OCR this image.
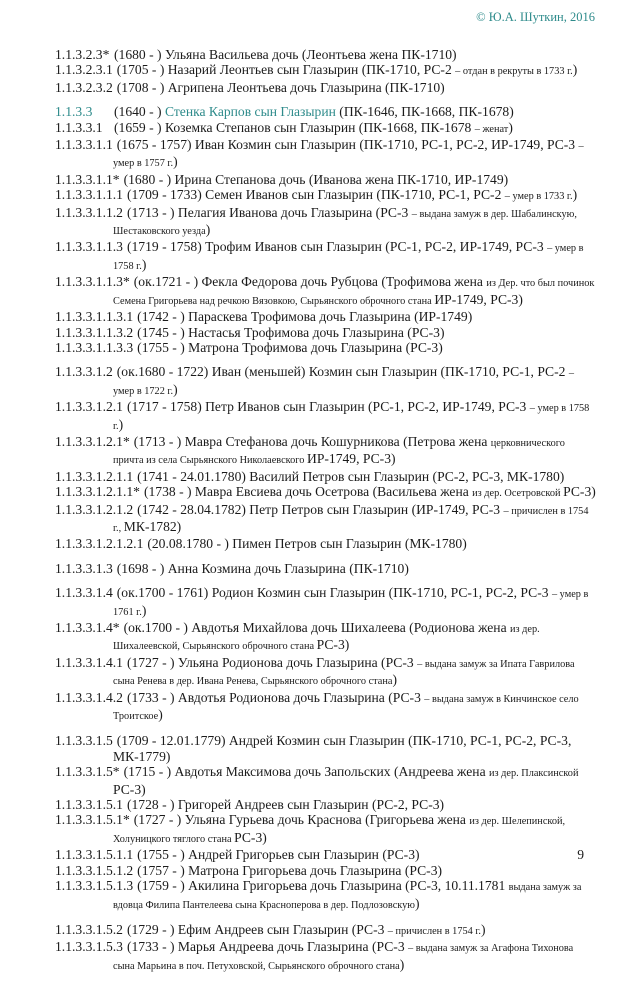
© Ю.А. Шуткин, 2016
1.1.3.2.3* (1680 - ) Ульяна Васильева дочь (Леонтьева жена ПК-1710)
1.1.3.2.3.1 (1705 - ) Назарий Леонтьев сын Глазырин (ПК-1710, РС-2 – отдан в рекруты в 1733 г.)
1.1.3.2.3.2 (1708 - ) Агрипена Леонтьева дочь Глазырина (ПК-1710)
1.1.3.3 (1640 - ) Стенка Карпов сын Глазырин (ПК-1646, ПК-1668, ПК-1678)
1.1.3.3.1 (1659 - ) Коземка Степанов сын Глазырин (ПК-1668, ПК-1678 – женат)
1.1.3.3.1.1 (1675 - 1757) Иван Козмин сын Глазырин (ПК-1710, РС-1, РС-2, ИР-1749, РС-3 – умер в 1757 г.)
1.1.3.3.1.1* (1680 - ) Ирина Степанова дочь (Иванова жена ПК-1710, ИР-1749)
1.1.3.3.1.1.1 (1709 - 1733) Семен Иванов сын Глазырин (ПК-1710, РС-1, РС-2 – умер в 1733 г.)
1.1.3.3.1.1.2 (1713 - ) Пелагия Иванова дочь Глазырина (РС-3 – выдана замуж в дер. Шабалинскую, Шестаковского уезда)
1.1.3.3.1.1.3 (1719 - 1758) Трофим Иванов сын Глазырин (РС-1, РС-2, ИР-1749, РС-3 – умер в 1758 г.)
1.1.3.3.1.1.3* (ок.1721 - ) Фекла Федорова дочь Рубцова (Трофимова жена из Дер. что был починок Семена Григорьева над речкою Вязовкою, Сырьянского оброчного стана ИР-1749, РС-3)
1.1.3.3.1.1.3.1 (1742 - ) Параскева Трофимова дочь Глазырина (ИР-1749)
1.1.3.3.1.1.3.2 (1745 - ) Настасья Трофимова дочь Глазырина (РС-3)
1.1.3.3.1.1.3.3 (1755 - ) Матрона Трофимова дочь Глазырина (РС-3)
1.1.3.3.1.2 (ок.1680 - 1722) Иван (меньшей) Козмин сын Глазырин (ПК-1710, РС-1, РС-2 – умер в 1722 г.)
1.1.3.3.1.2.1 (1717 - 1758) Петр Иванов сын Глазырин (РС-1, РС-2, ИР-1749, РС-3 – умер в 1758 г.)
1.1.3.3.1.2.1* (1713 - ) Мавра Стефанова дочь Кошурникова (Петрова жена церковнического причта из села Сырьянского Николаевского ИР-1749, РС-3)
1.1.3.3.1.2.1.1 (1741 - 24.01.1780) Василий Петров сын Глазырин (РС-2, РС-3, МК-1780)
1.1.3.3.1.2.1.1* (1738 - ) Мавра Евсиева дочь Осетрова (Васильева жена из дер. Осетровской РС-3)
1.1.3.3.1.2.1.2 (1742 - 28.04.1782) Петр Петров сын Глазырин (ИР-1749, РС-3 – причислен в 1754 г., МК-1782)
1.1.3.3.1.2.1.2.1 (20.08.1780 - ) Пимен Петров сын Глазырин (МК-1780)
1.1.3.3.1.3 (1698 - ) Анна Козмина дочь Глазырина (ПК-1710)
1.1.3.3.1.4 (ок.1700 - 1761) Родион Козмин сын Глазырин (ПК-1710, РС-1, РС-2, РС-3 – умер в 1761 г.)
1.1.3.3.1.4* (ок.1700 - ) Авдотья Михайлова дочь Шихалеева (Родионова жена из дер. Шихалеевской, Сырьянского оброчного стана РС-3)
1.1.3.3.1.4.1 (1727 - ) Ульяна Родионова дочь Глазырина (РС-3 – выдана замуж за Ипата Гаврилова сына Ренева в дер. Ивана Ренева, Сырьянского оброчного стана)
1.1.3.3.1.4.2 (1733 - ) Авдотья Родионова дочь Глазырина (РС-3 – выдана замуж в Кинчинское село Троитское)
1.1.3.3.1.5 (1709 - 12.01.1779) Андрей Козмин сын Глазырин (ПК-1710, РС-1, РС-2, РС-3, МК-1779)
1.1.3.3.1.5* (1715 - ) Авдотья Максимова дочь Запольских (Андреева жена из дер. Плаксинской РС-3)
1.1.3.3.1.5.1 (1728 - ) Григорей Андреев сын Глазырин (РС-2, РС-3)
1.1.3.3.1.5.1* (1727 - ) Ульяна Гурьева дочь Краснова (Григорьева жена из дер. Шелепинской, Холуницкого тяглого стана РС-3)
1.1.3.3.1.5.1.1 (1755 - ) Андрей Григорьев сын Глазырин (РС-3)
1.1.3.3.1.5.1.2 (1757 - ) Матрона Григорьева дочь Глазырина (РС-3)
1.1.3.3.1.5.1.3 (1759 - ) Акилина Григорьева дочь Глазырина (РС-3, 10.11.1781 выдана замуж за вдовца Филипа Пантелеева сына Красноперова в дер. Подлозовскую)
1.1.3.3.1.5.2 (1729 - ) Ефим Андреев сын Глазырин (РС-3 – причислен в 1754 г.)
1.1.3.3.1.5.3 (1733 - ) Марья Андреева дочь Глазырина (РС-3 – выдана замуж за Агафона Тихонова сына Марьина в поч. Петуховской, Сырьянского оброчного стана)
9
